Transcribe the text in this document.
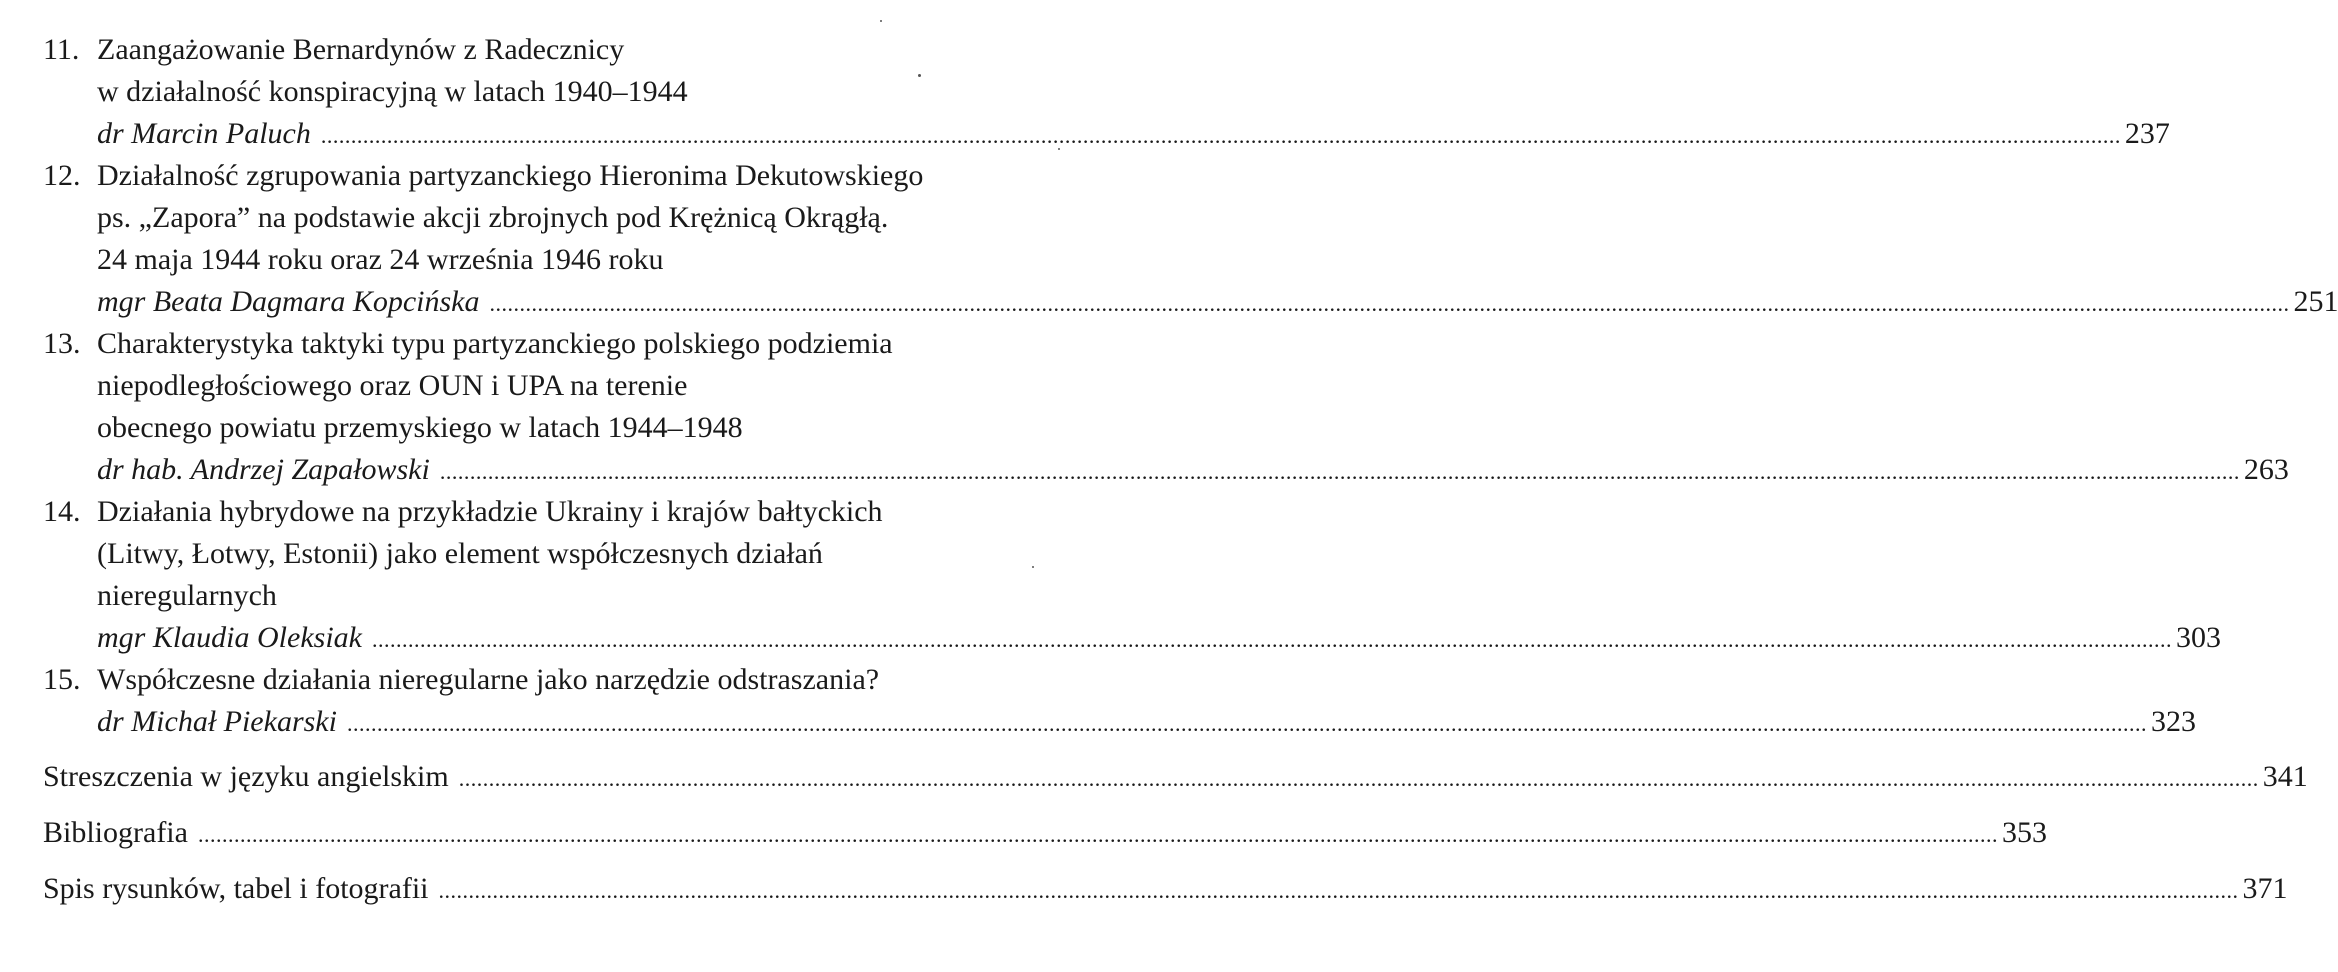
11. Zaangażowanie Bernardynów z Radecznicy
w działalność konspiracyjną w latach 1940–1944
dr Marcin Paluch ............................................................................................................................................................................................................................................................................................................ 237
12. Działalność zgrupowania partyzanckiego Hieronima Dekutowskiego
ps. „Zapora” na podstawie akcji zbrojnych pod Krężnicą Okrągłą.
24 maja 1944 roku oraz 24 września 1946 roku
mgr Beata Dagmara Kopcińska ............................................................................................................................................................................................................................................................................................................ 251
13. Charakterystyka taktyki typu partyzanckiego polskiego podziemia
niepodległościowego oraz OUN i UPA na terenie
obecnego powiatu przemyskiego w latach 1944–1948
dr hab. Andrzej Zapałowski ............................................................................................................................................................................................................................................................................................................ 263
14. Działania hybrydowe na przykładzie Ukrainy i krajów bałtyckich
(Litwy, Łotwy, Estonii) jako element współczesnych działań
nieregularnych
mgr Klaudia Oleksiak ............................................................................................................................................................................................................................................................................................................ 303
15. Współczesne działania nieregularne jako narzędzie odstraszania?
dr Michał Piekarski ............................................................................................................................................................................................................................................................................................................ 323
Streszczenia w języku angielskim ............................................................................................................................................................................................................................................................................................................ 341
Bibliografia ............................................................................................................................................................................................................................................................................................................ 353
Spis rysunków, tabel i fotografii ............................................................................................................................................................................................................................................................................................................ 371
